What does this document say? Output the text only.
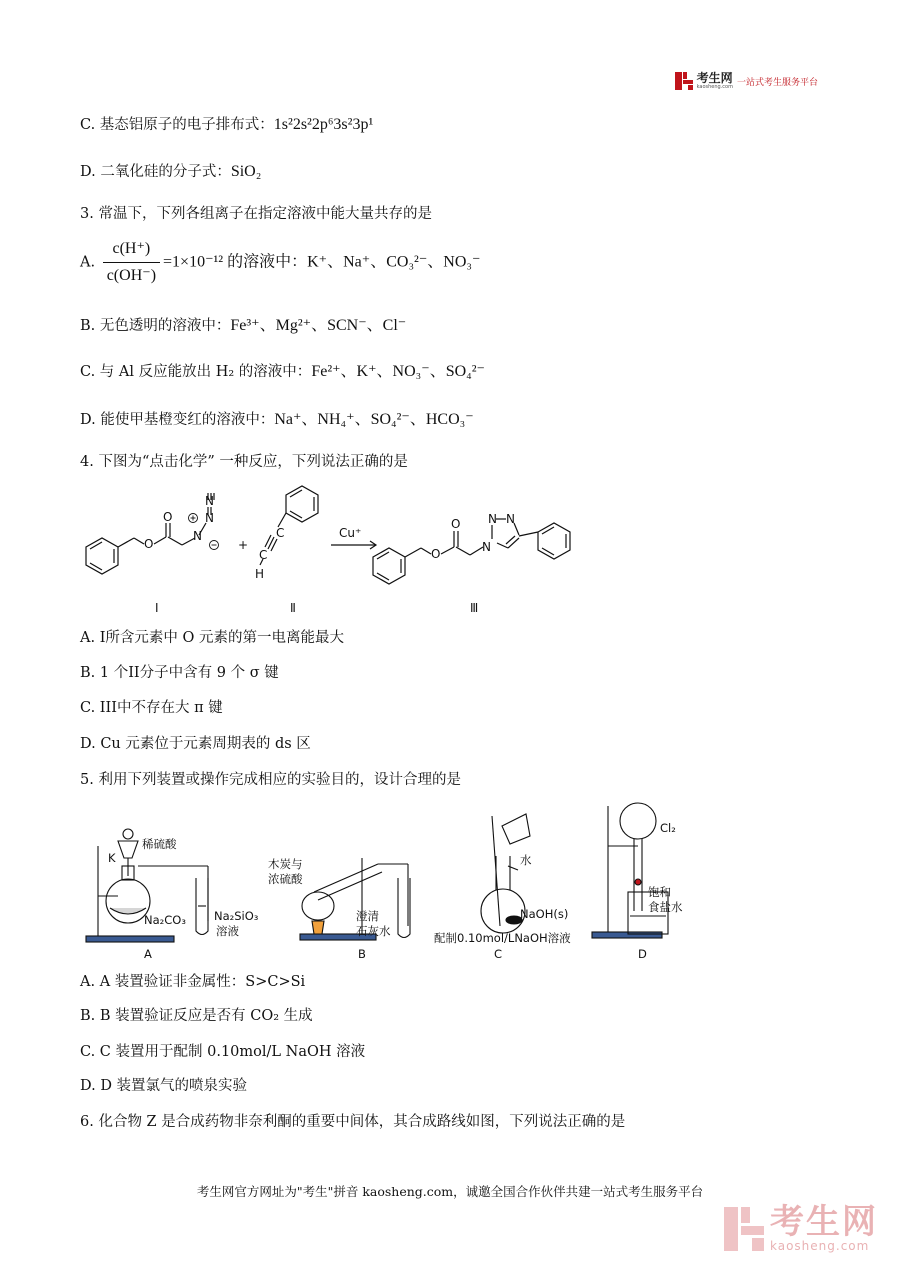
考生网
kaosheng.com 一站式考生服务平台
C. 基态铝原子的电子排布式：1s²2s²2p⁶3s²3p¹
D. 二氧化硅的分子式：SiO₂
3. 常温下，下列各组离子在指定溶液中能大量共存的是
A. $\frac{c(H^+)}{c(OH^-)} =1\times 10^{-12}$ 的溶液中：K⁺、Na⁺、CO₃²⁻、NO₃⁻
B. 无色透明的溶液中：Fe³⁺、Mg²⁺、SCN⁻、Cl⁻
C. 与 Al 反应能放出 H₂ 的溶液中：Fe²⁺、K⁺、NO₃⁻、SO₄²⁻
D. 能使甲基橙变红的溶液中：Na⁺、NH₄⁺、SO₄²⁻、HCO₃⁻
4. 下图为“点击化学” 一种反应，下列说法正确的是
O
O
N
N
N
C
C
H
+
O
O
N
N N
Cu⁺
Ⅰ	Ⅱ	Ⅲ
A. I所含元素中 O 元素的第一电离能最大
B. 1 个II分子中含有 9 个 σ 键
C. III中不存在大 π 键
D. Cu 元素位于元素周期表的 ds 区
5. 利用下列装置或操作完成相应的实验目的，设计合理的是
稀硫酸
K
Na₂CO₃ Na₂SiO₃
溶液
A
木炭与
浓硫酸
澄清
石灰水
B
水
NaOH(s)
配制0.10mol/LNaOH溶液
C
Cl₂
饱和
食盐水
D
A. A 装置验证非金属性：S>C>Si
B. B 装置验证反应是否有 CO₂ 生成
C. C 装置用于配制 0.10mol/L NaOH 溶液
D. D 装置氯气的喷泉实验
6. 化合物 Z 是合成药物非奈利酮的重要中间体，其合成路线如图，下列说法正确的是
考生网官方网址为"考生"拼音 kaosheng.com，诚邀全国合作伙伴共建一站式考生服务平台
考生网
kaosheng.com
